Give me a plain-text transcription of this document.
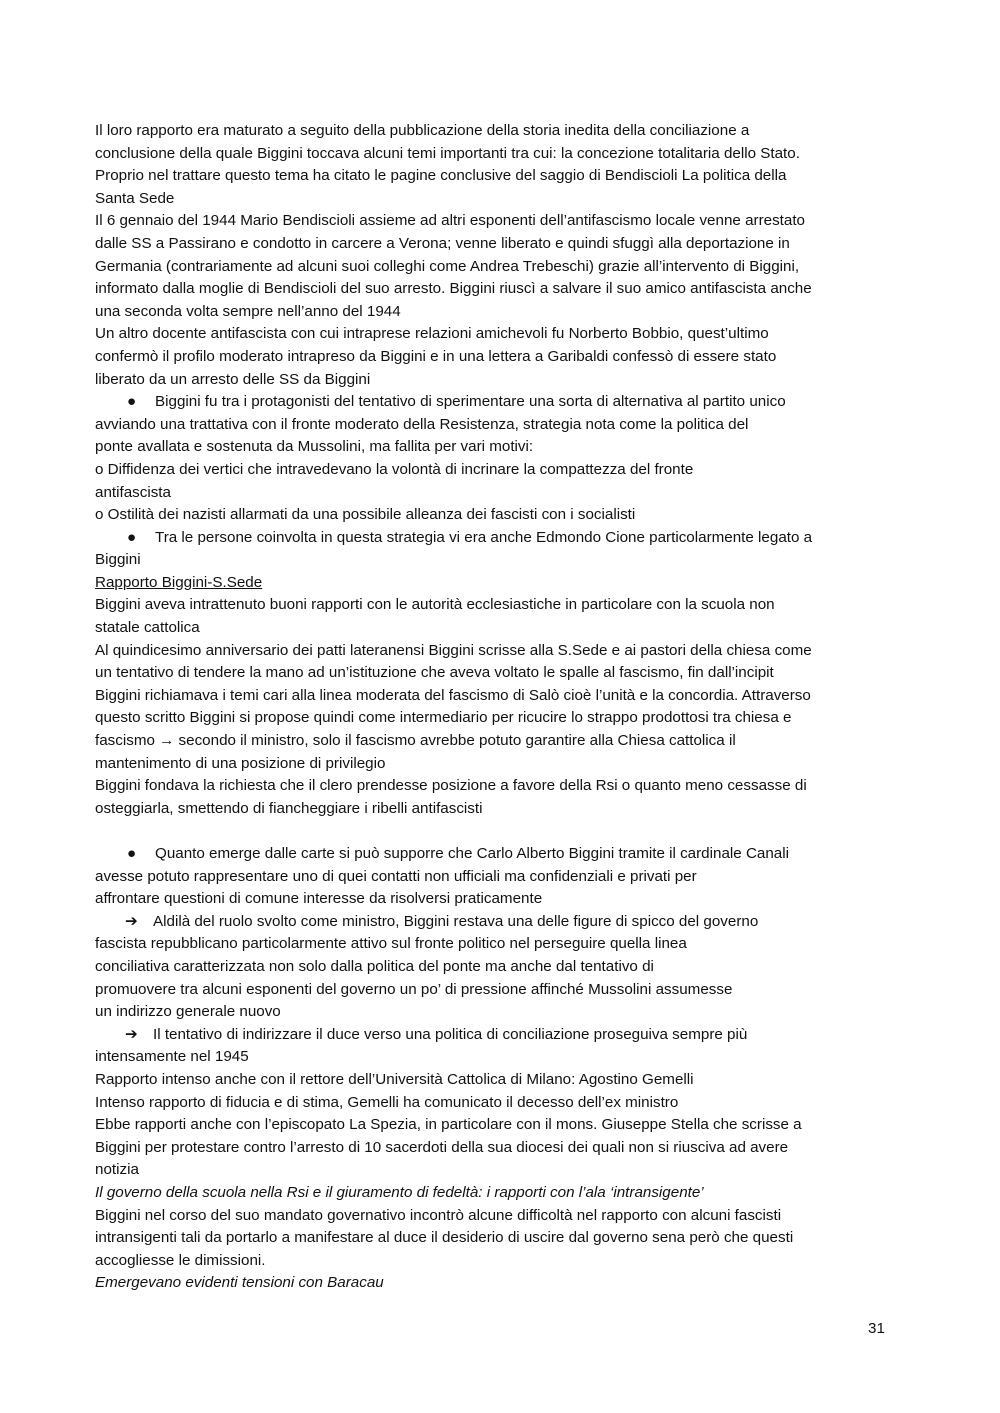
Il loro rapporto era maturato a seguito della pubblicazione della storia inedita della conciliazione a
conclusione della quale Biggini toccava alcuni temi importanti tra cui: la concezione totalitaria dello Stato.
Proprio nel trattare questo tema ha citato le pagine conclusive del saggio di Bendiscioli La politica della
Santa Sede
Il 6 gennaio del 1944 Mario Bendiscioli assieme ad altri esponenti dell’antifascismo locale venne arrestato
dalle SS a Passirano e condotto in carcere a Verona; venne liberato e quindi sfuggì alla deportazione in
Germania (contrariamente ad alcuni suoi colleghi come Andrea Trebeschi) grazie all’intervento di Biggini,
informato dalla moglie di Bendiscioli del suo arresto. Biggini riuscì a salvare il suo amico antifascista anche
una seconda volta sempre nell’anno del 1944
Un altro docente antifascista con cui intraprese relazioni amichevoli fu Norberto Bobbio, quest’ultimo
confermò il profilo moderato intrapreso da Biggini e in una lettera a Garibaldi confessò di essere stato
liberato da un arresto delle SS da Biggini
● Biggini fu tra i protagonisti del tentativo di sperimentare una sorta di alternativa al partito unico
avviando una trattativa con il fronte moderato della Resistenza, strategia nota come la politica del
ponte avallata e sostenuta da Mussolini, ma fallita per vari motivi:
o Diffidenza dei vertici che intravedevano la volontà di incrinare la compattezza del fronte
antifascista
o Ostilità dei nazisti allarmati da una possibile alleanza dei fascisti con i socialisti
● Tra le persone coinvolta in questa strategia vi era anche Edmondo Cione particolarmente legato a
Biggini
Rapporto Biggini-S.Sede
Biggini aveva intrattenuto buoni rapporti con le autorità ecclesiastiche in particolare con la scuola non
statale cattolica
Al quindicesimo anniversario dei patti lateranensi Biggini scrisse alla S.Sede e ai pastori della chiesa come
un tentativo di tendere la mano ad un’istituzione che aveva voltato le spalle al fascismo, fin dall’incipit
Biggini richiamava i temi cari alla linea moderata del fascismo di Salò cioè l’unità e la concordia. Attraverso
questo scritto Biggini si propose quindi come intermediario per ricucire lo strappo prodottosi tra chiesa e
fascismo → secondo il ministro, solo il fascismo avrebbe potuto garantire alla Chiesa cattolica il
mantenimento di una posizione di privilegio
Biggini fondava la richiesta che il clero prendesse posizione a favore della Rsi o quanto meno cessasse di
osteggiarla, smettendo di fiancheggiare i ribelli antifascisti
● Quanto emerge dalle carte si può supporre che Carlo Alberto Biggini tramite il cardinale Canali
avesse potuto rappresentare uno di quei contatti non ufficiali ma confidenziali e privati per
affrontare questioni di comune interesse da risolversi praticamente
➔ Aldilà del ruolo svolto come ministro, Biggini restava una delle figure di spicco del governo
fascista repubblicano particolarmente attivo sul fronte politico nel perseguire quella linea
conciliativa caratterizzata non solo dalla politica del ponte ma anche dal tentativo di
promuovere tra alcuni esponenti del governo un po’ di pressione affinché Mussolini assumesse
un indirizzo generale nuovo
➔ Il tentativo di indirizzare il duce verso una politica di conciliazione proseguiva sempre più
intensamente nel 1945
Rapporto intenso anche con il rettore dell’Università Cattolica di Milano: Agostino Gemelli
Intenso rapporto di fiducia e di stima, Gemelli ha comunicato il decesso dell’ex ministro
Ebbe rapporti anche con l’episcopato La Spezia, in particolare con il mons. Giuseppe Stella che scrisse a
Biggini per protestare contro l’arresto di 10 sacerdoti della sua diocesi dei quali non si riusciva ad avere
notizia
Il governo della scuola nella Rsi e il giuramento di fedeltà: i rapporti con l’ala ‘intransigente’
Biggini nel corso del suo mandato governativo incontrò alcune difficoltà nel rapporto con alcuni fascisti
intransigenti tali da portarlo a manifestare al duce il desiderio di uscire dal governo sena però che questi
accogliesse le dimissioni.
Emergevano evidenti tensioni con Baracau
31
